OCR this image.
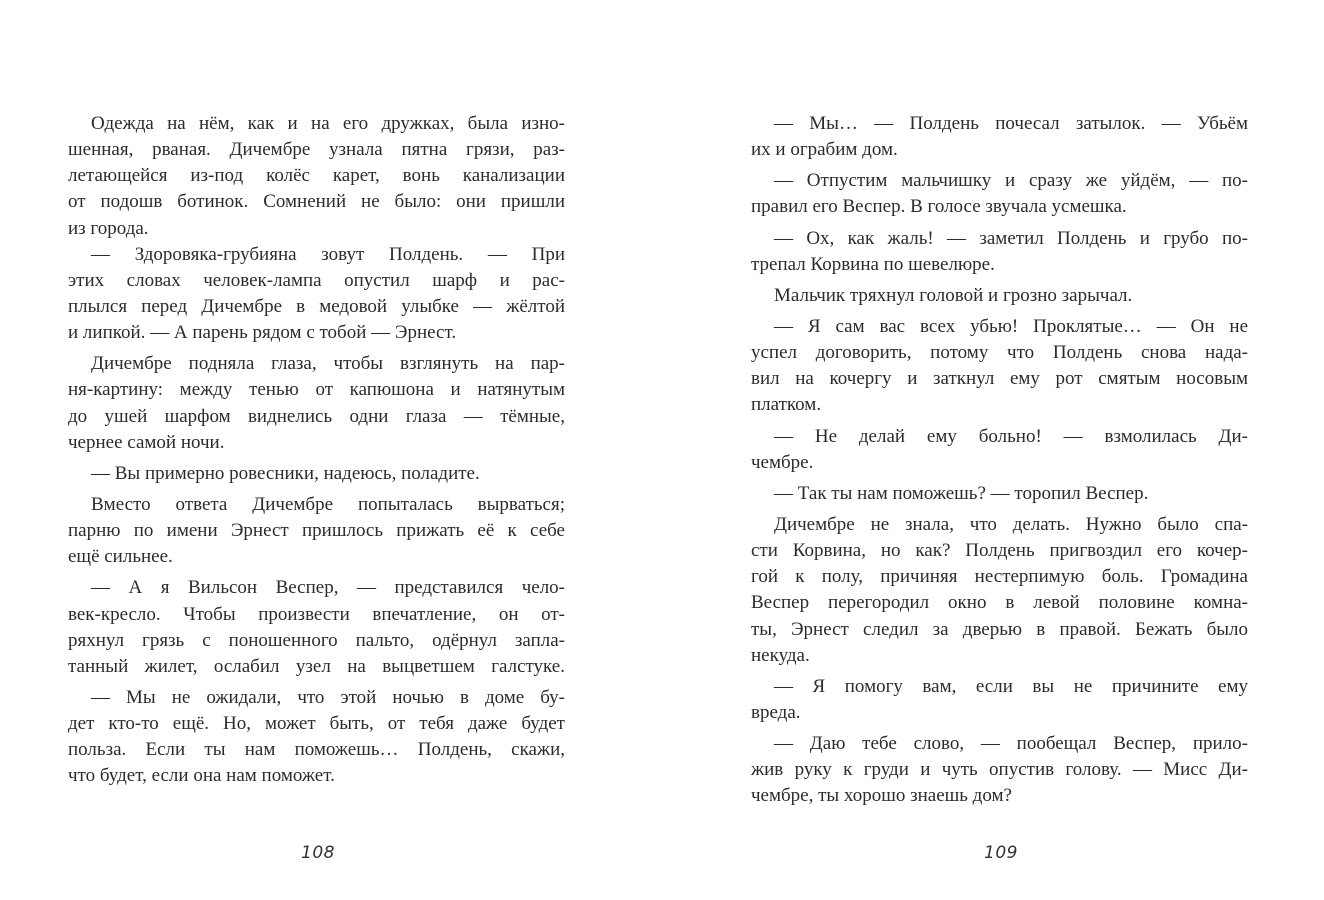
Одежда на нём, как и на его дружках, была изно-
шенная, рваная. Дичембре узнала пятна грязи, раз-
летающейся из-под колёс карет, вонь канализации
от подошв ботинок. Сомнений не было: они пришли
из города.
— Здоровяка-грубияна зовут Полдень. — При
этих словах человек-лампа опустил шарф и рас-
плылся перед Дичембре в медовой улыбке — жёлтой
и липкой. — А парень рядом с тобой — Эрнест.
Дичембре подняла глаза, чтобы взглянуть на пар-
ня-картину: между тенью от капюшона и натянутым
до ушей шарфом виднелись одни глаза — тёмные,
чернее самой ночи.
— Вы примерно ровесники, надеюсь, поладите.
Вместо ответа Дичембре попыталась вырваться;
парню по имени Эрнест пришлось прижать её к себе
ещё сильнее.
— А я Вильсон Веспер, — представился чело-
век-кресло. Чтобы произвести впечатление, он от-
ряхнул грязь с поношенного пальто, одёрнул запла-
танный жилет, ослабил узел на выцветшем галстуке.
— Мы не ожидали, что этой ночью в доме бу-
дет кто-то ещё. Но, может быть, от тебя даже будет
польза. Если ты нам поможешь… Полдень, скажи,
что будет, если она нам поможет.
— Мы… — Полдень почесал затылок. — Убьём
их и ограбим дом.
— Отпустим мальчишку и сразу же уйдём, — по-
правил его Веспер. В голосе звучала усмешка.
— Ох, как жаль! — заметил Полдень и грубо по-
трепал Корвина по шевелюре.
Мальчик тряхнул головой и грозно зарычал.
— Я сам вас всех убью! Проклятые… — Он не
успел договорить, потому что Полдень снова нада-
вил на кочергу и заткнул ему рот смятым носовым
платком.
— Не делай ему больно! — взмолилась Ди-
чембре.
— Так ты нам поможешь? — торопил Веспер.
Дичембре не знала, что делать. Нужно было спа-
сти Корвина, но как? Полдень пригвоздил его кочер-
гой к полу, причиняя нестерпимую боль. Громадина
Веспер перегородил окно в левой половине комна-
ты, Эрнест следил за дверью в правой. Бежать было
некуда.
— Я помогу вам, если вы не причините ему
вреда.
— Даю тебе слово, — пообещал Веспер, прило-
жив руку к груди и чуть опустив голову. — Мисс Ди-
чембре, ты хорошо знаешь дом?
108	109
